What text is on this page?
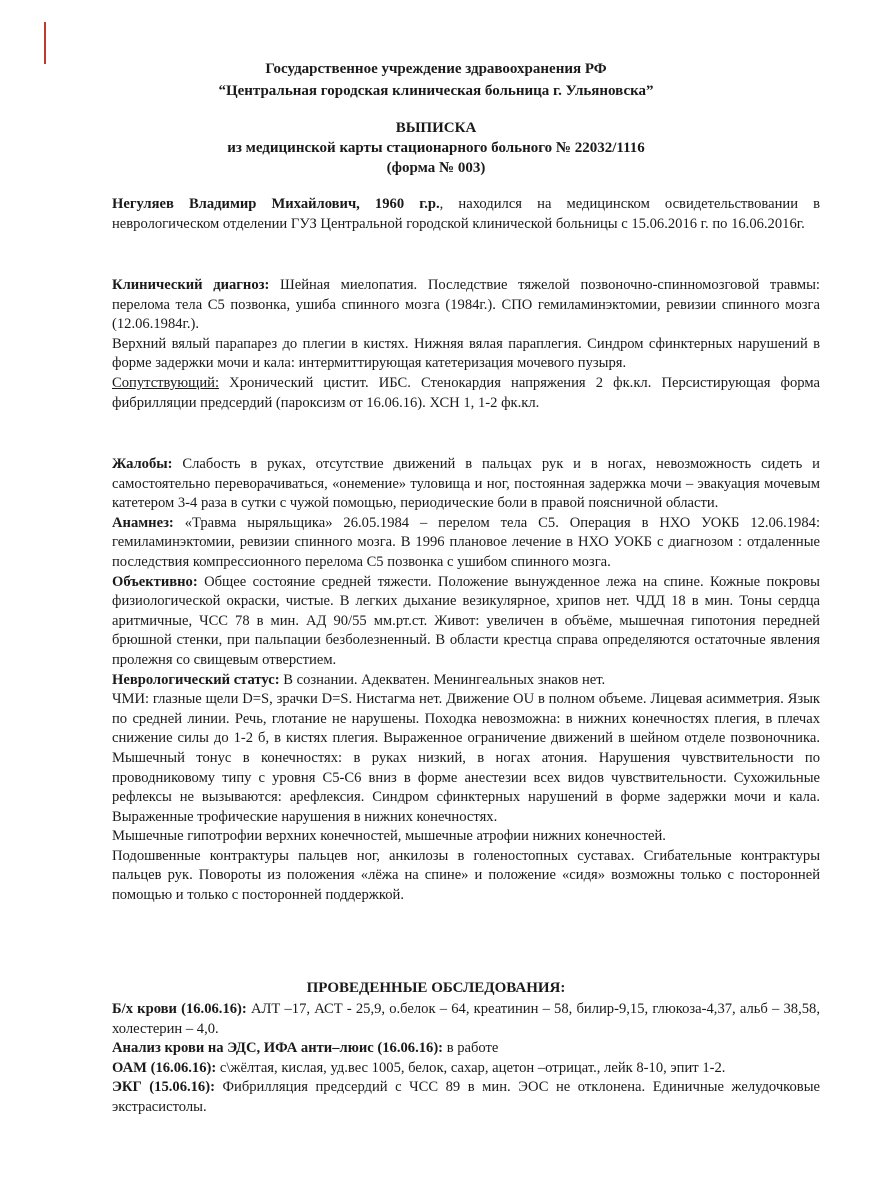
Государственное учреждение здравоохранения РФ
“Центральная городская клиническая больница г. Ульяновска”
ВЫПИСКА
из медицинской карты стационарного больного № 22032/1116
(форма № 003)

Негуляев Владимир Михайлович, 1960 г.р., находился на медицинском освидетельствовании в неврологическом отделении ГУЗ Центральной городской клинической больницы с 15.06.2016 г. по 16.06.2016г.

Клинический диагноз: Шейная миелопатия. Последствие тяжелой позвоночно-спинномозговой травмы: перелома тела С5 позвонка, ушиба спинного мозга (1984г.). СПО гемиламинэктомии, ревизии спинного мозга (12.06.1984г.).

Верхний вялый парапарез до плегии в кистях. Нижняя вялая параплегия. Синдром сфинктерных нарушений в форме задержки мочи и кала: интермиттирующая катетеризация мочевого пузыря.

Сопутствующий: Хронический цистит. ИБС. Стенокардия напряжения 2 фк.кл. Персистирующая форма фибрилляции предсердий (пароксизм от 16.06.16). ХСН 1, 1-2 фк.кл.

Жалобы: Слабость в руках, отсутствие движений в пальцах рук и в ногах, невозможность сидеть и самостоятельно переворачиваться, «онемение» туловища и ног, постоянная задержка мочи – эвакуация мочевым катетером 3-4 раза в сутки с чужой помощью, периодические боли в правой поясничной области.

Анамнез: «Травма ныряльщика» 26.05.1984 – перелом тела С5. Операция в НХО УОКБ 12.06.1984: гемиламинэктомии, ревизии спинного мозга. В 1996 плановое лечение в НХО УОКБ с диагнозом : отдаленные последствия компрессионного перелома С5 позвонка с ушибом спинного мозга.

Объективно: Общее состояние средней тяжести. Положение вынужденное лежа на спине. Кожные покровы физиологической окраски, чистые. В легких дыхание везикулярное, хрипов нет. ЧДД 18 в мин. Тоны сердца аритмичные, ЧСС 78 в мин. АД 90/55 мм.рт.ст. Живот: увеличен в объёме, мышечная гипотония передней брюшной стенки, при пальпации безболезненный. В области крестца справа определяются остаточные явления пролежня со свищевым отверстием.

Неврологический статус: В сознании. Адекватен. Менингеальных знаков нет.

ЧМИ: глазные щели D=S, зрачки D=S. Нистагма нет. Движение OU в полном объеме. Лицевая асимметрия. Язык по средней линии. Речь, глотание не нарушены. Походка невозможна: в нижних конечностях плегия, в плечах снижение силы до 1-2 б, в кистях плегия. Выраженное ограничение движений в шейном отделе позвоночника. Мышечный тонус в конечностях: в руках низкий, в ногах атония. Нарушения чувствительности по проводниковому типу с уровня С5-С6 вниз в форме анестезии всех видов чувствительности. Сухожильные рефлексы не вызываются: арефлексия. Синдром сфинктерных нарушений в форме задержки мочи и кала. Выраженные трофические нарушения в нижних конечностях.

Мышечные гипотрофии верхних конечностей, мышечные атрофии нижних конечностей.

Подошвенные контрактуры пальцев ног, анкилозы в голеностопных суставах. Сгибательные контрактуры пальцев рук. Повороты из положения «лёжа на спине» и положение «сидя» возможны только с посторонней помощью и только с посторонней поддержкой.

ПРОВЕДЕННЫЕ ОБСЛЕДОВАНИЯ:

Б/х крови (16.06.16): АЛТ –17, АСТ - 25,9, о.белок – 64, креатинин – 58, билир-9,15, глюкоза-4,37, альб – 38,58, холестерин – 4,0.

Анализ крови на ЭДС, ИФА анти–люис (16.06.16): в работе

ОАМ (16.06.16): с\жёлтая, кислая, уд.вес 1005, белок, сахар, ацетон –отрицат., лейк 8-10, эпит 1-2.

ЭКГ (15.06.16): Фибрилляция предсердий с ЧСС 89 в мин. ЭОС не отклонена. Единичные желудочковые экстрасистолы.
